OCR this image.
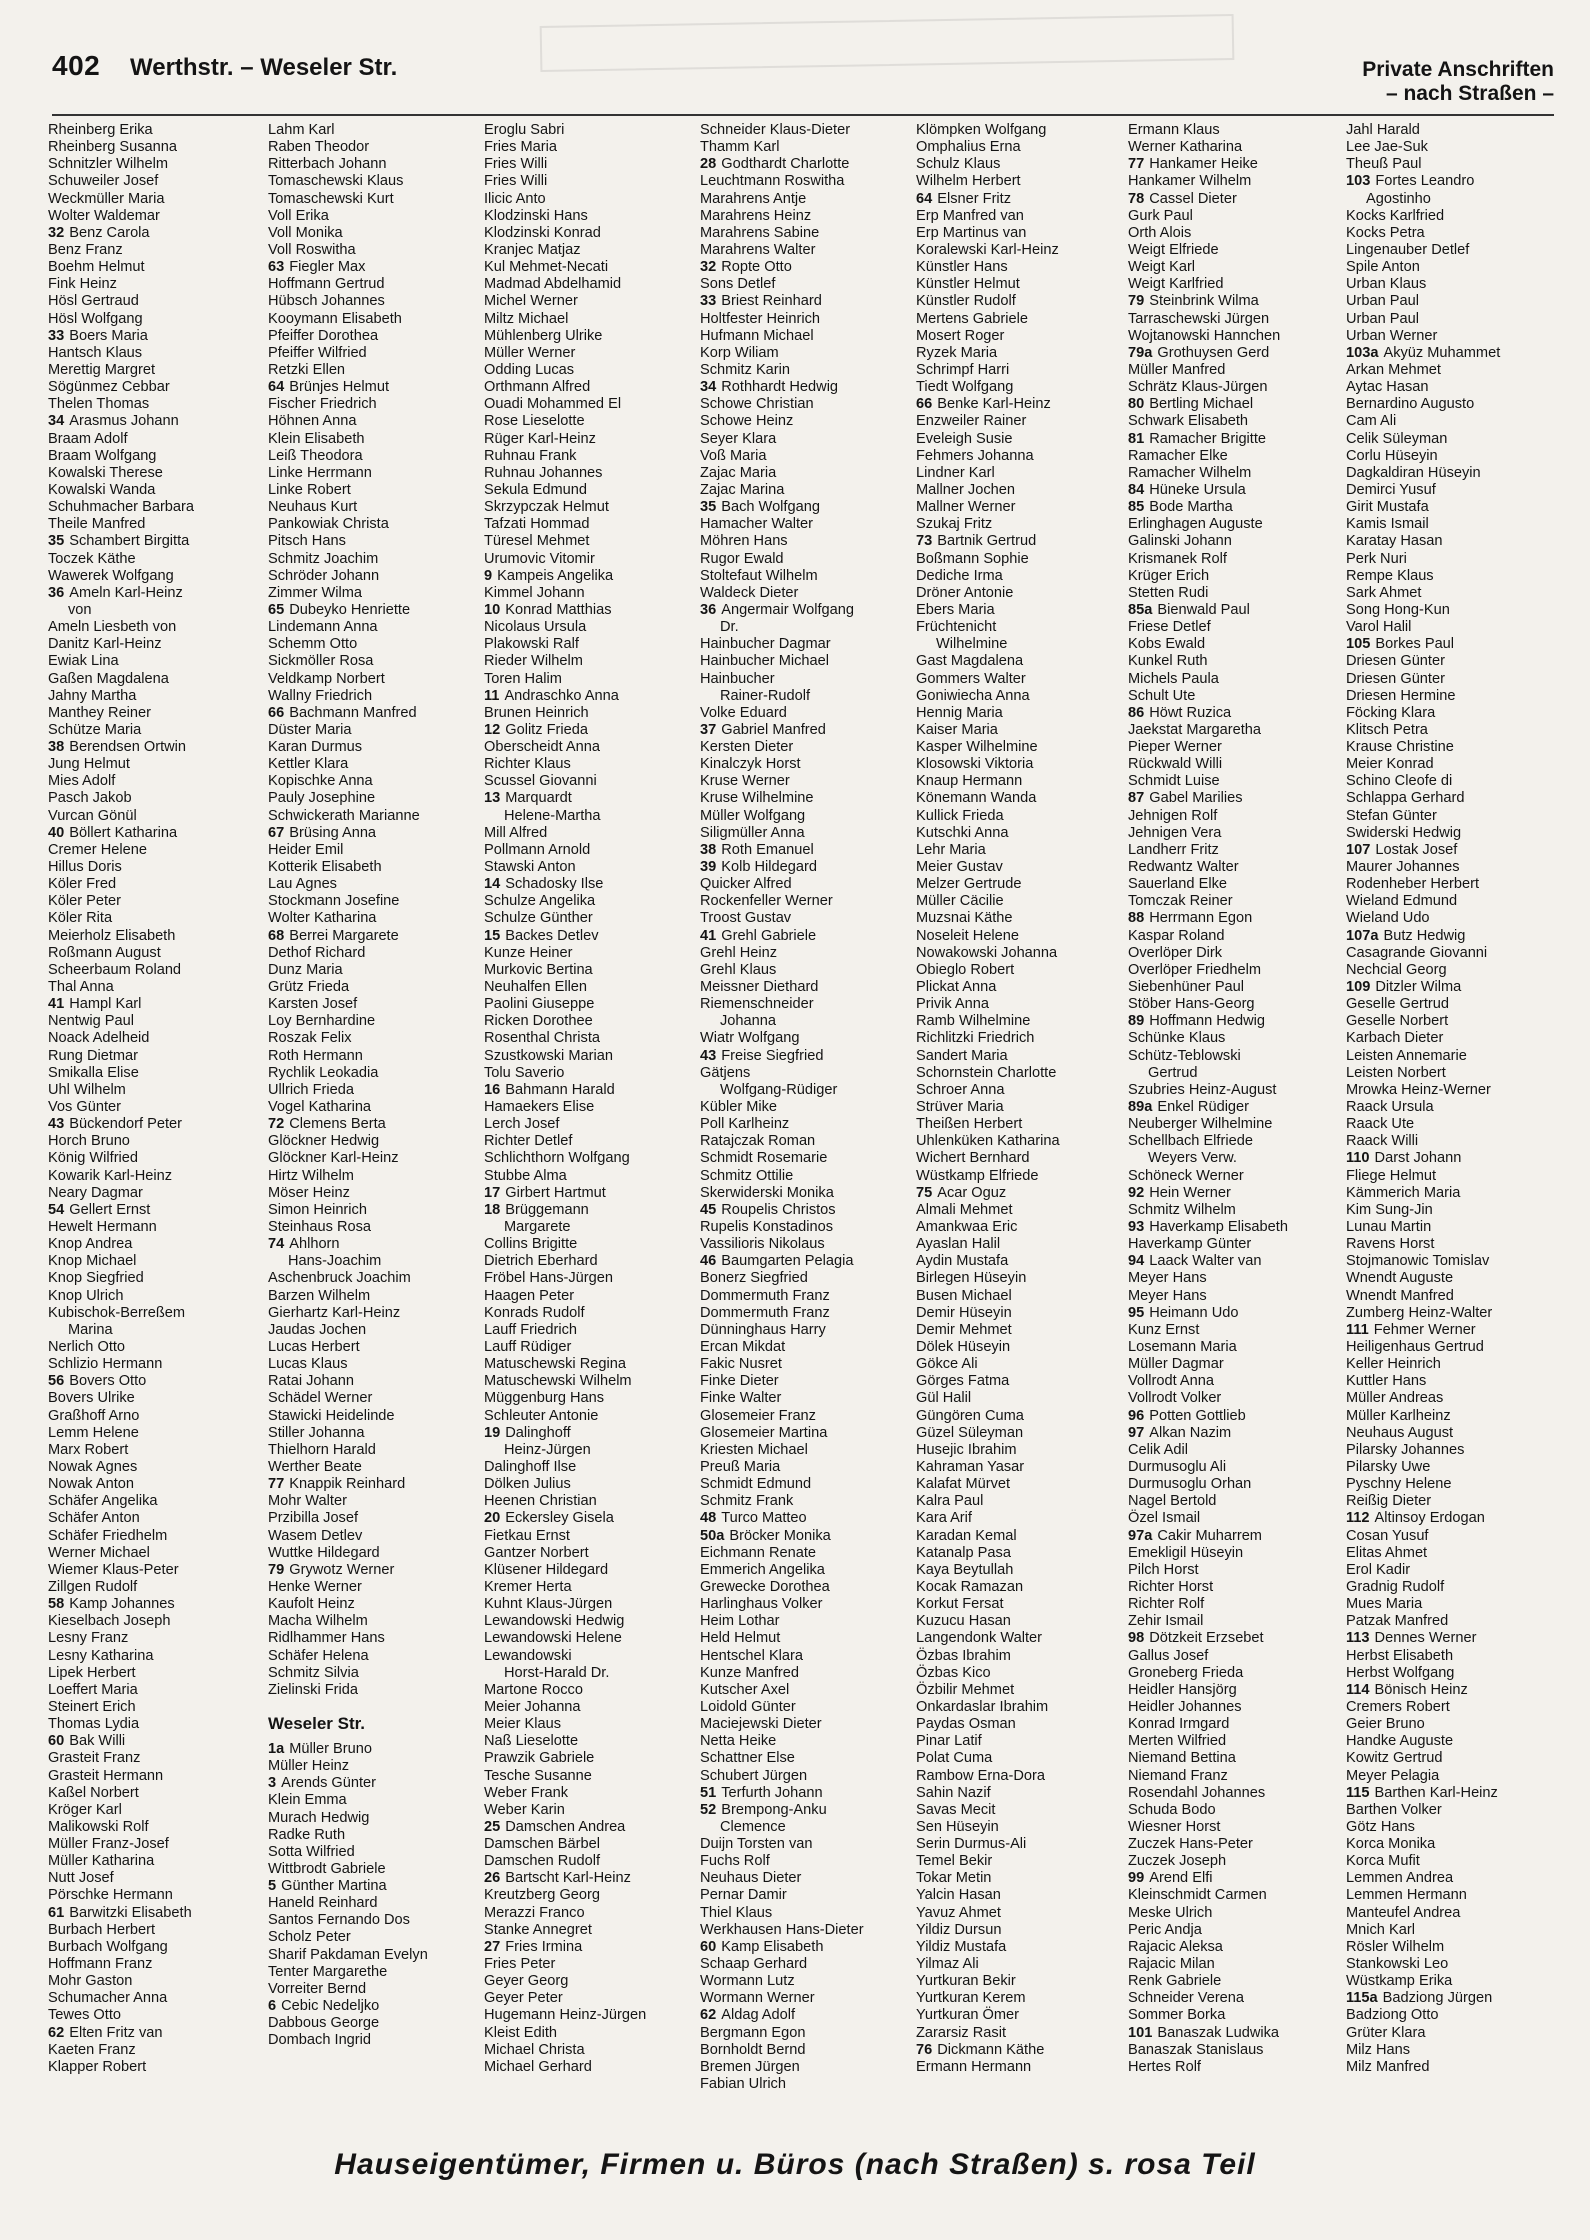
402 Werthstr. – Weseler Str.	Private Anschriften
– nach Straßen –
Rheinberg Erika
Rheinberg Susanna
Schnitzler Wilhelm
Schuweiler Josef
Weckmüller Maria
Wolter Waldemar
32 Benz Carola
Benz Franz
Boehm Helmut
Fink Heinz
Hösl Gertraud
Hösl Wolfgang
33 Boers Maria
Hantsch Klaus
Merettig Margret
Sögünmez Cebbar
Thelen Thomas
34 Arasmus Johann
Braam Adolf
Braam Wolfgang
Kowalski Therese
Kowalski Wanda
Schuhmacher Barbara
Theile Manfred
35 Schambert Birgitta
Toczek Käthe
Wawerek Wolfgang
36 Ameln Karl-Heinz
von
Ameln Liesbeth von
Danitz Karl-Heinz
Ewiak Lina
Gaßen Magdalena
Jahny Martha
Manthey Reiner
Schütze Maria
38 Berendsen Ortwin
Jung Helmut
Mies Adolf
Pasch Jakob
Vurcan Gönül
40 Böllert Katharina
Cremer Helene
Hillus Doris
Köler Fred
Köler Peter
Köler Rita
Meierholz Elisabeth
Roßmann August
Scheerbaum Roland
Thal Anna
41 Hampl Karl
Nentwig Paul
Noack Adelheid
Rung Dietmar
Smikalla Elise
Uhl Wilhelm
Vos Günter
43 Bückendorf Peter
Horch Bruno
König Wilfried
Kowarik Karl-Heinz
Neary Dagmar
54 Gellert Ernst
Hewelt Hermann
Knop Andrea
Knop Michael
Knop Siegfried
Knop Ulrich
Kubischok-Berreßem
Marina
Nerlich Otto
Schlizio Hermann
56 Bovers Otto
Bovers Ulrike
Graßhoff Arno
Lemm Helene
Marx Robert
Nowak Agnes
Nowak Anton
Schäfer Angelika
Schäfer Anton
Schäfer Friedhelm
Werner Michael
Wiemer Klaus-Peter
Zillgen Rudolf
58 Kamp Johannes
Kieselbach Joseph
Lesny Franz
Lesny Katharina
Lipek Herbert
Loeffert Maria
Steinert Erich
Thomas Lydia
60 Bak Willi
Grasteit Franz
Grasteit Hermann
Kaßel Norbert
Kröger Karl
Malikowski Rolf
Müller Franz-Josef
Müller Katharina
Nutt Josef
Pörschke Hermann
61 Barwitzki Elisabeth
Burbach Herbert
Burbach Wolfgang
Hoffmann Franz
Mohr Gaston
Schumacher Anna
Tewes Otto
62 Elten Fritz van
Kaeten Franz
Klapper Robert
Lahm Karl
Raben Theodor
Ritterbach Johann
Tomaschewski Klaus
Tomaschewski Kurt
Voll Erika
Voll Monika
Voll Roswitha
63 Fiegler Max
Hoffmann Gertrud
Hübsch Johannes
Kooymann Elisabeth
Pfeiffer Dorothea
Pfeiffer Wilfried
Retzki Ellen
64 Brünjes Helmut
Fischer Friedrich
Höhnen Anna
Klein Elisabeth
Leiß Theodora
Linke Herrmann
Linke Robert
Neuhaus Kurt
Pankowiak Christa
Pitsch Hans
Schmitz Joachim
Schröder Johann
Zimmer Wilma
65 Dubeyko Henriette
Lindemann Anna
Schemm Otto
Sickmöller Rosa
Veldkamp Norbert
Wallny Friedrich
66 Bachmann Manfred
Düster Maria
Karan Durmus
Kettler Klara
Kopischke Anna
Pauly Josephine
Schwickerath Marianne
67 Brüsing Anna
Heider Emil
Kotterik Elisabeth
Lau Agnes
Stockmann Josefine
Wolter Katharina
68 Berrei Margarete
Dethof Richard
Dunz Maria
Grütz Frieda
Karsten Josef
Loy Bernhardine
Roszak Felix
Roth Hermann
Rychlik Leokadia
Ullrich Frieda
Vogel Katharina
72 Clemens Berta
Glöckner Hedwig
Glöckner Karl-Heinz
Hirtz Wilhelm
Möser Heinz
Simon Heinrich
Steinhaus Rosa
74 Ahlhorn
Hans-Joachim
Aschenbruck Joachim
Barzen Wilhelm
Gierhartz Karl-Heinz
Jaudas Jochen
Lucas Herbert
Lucas Klaus
Ratai Johann
Schädel Werner
Stawicki Heidelinde
Stiller Johanna
Thielhorn Harald
Werther Beate
77 Knappik Reinhard
Mohr Walter
Przibilla Josef
Wasem Detlev
Wuttke Hildegard
79 Grywotz Werner
Henke Werner
Kaufolt Heinz
Macha Wilhelm
Ridlhammer Hans
Schäfer Helena
Schmitz Silvia
Zielinski Frida
Weseler Str.
1a Müller Bruno
Müller Heinz
3 Arends Günter
Klein Emma
Murach Hedwig
Radke Ruth
Sotta Wilfried
Wittbrodt Gabriele
5 Günther Martina
Haneld Reinhard
Santos Fernando Dos
Scholz Peter
Sharif Pakdaman Evelyn
Tenter Margarethe
Vorreiter Bernd
6 Cebic Nedeljko
Dabbous George
Dombach Ingrid
Eroglu Sabri
Fries Maria
Fries Willi
Fries Willi
Ilicic Anto
Klodzinski Hans
Klodzinski Konrad
Kranjec Matjaz
Kul Mehmet-Necati
Madmad Abdelhamid
Michel Werner
Miltz Michael
Mühlenberg Ulrike
Müller Werner
Odding Lucas
Orthmann Alfred
Ouadi Mohammed El
Rose Lieselotte
Rüger Karl-Heinz
Ruhnau Frank
Ruhnau Johannes
Sekula Edmund
Skrzypczak Helmut
Tafzati Hommad
Türesel Mehmet
Urumovic Vitomir
9 Kampeis Angelika
Kimmel Johann
10 Konrad Matthias
Nicolaus Ursula
Plakowski Ralf
Rieder Wilhelm
Toren Halim
11 Andraschko Anna
Brunen Heinrich
12 Golitz Frieda
Oberscheidt Anna
Richter Klaus
Scussel Giovanni
13 Marquardt
Helene-Martha
Mill Alfred
Pollmann Arnold
Stawski Anton
14 Schadosky Ilse
Schulze Angelika
Schulze Günther
15 Backes Detlev
Kunze Heiner
Murkovic Bertina
Neuhalfen Ellen
Paolini Giuseppe
Ricken Dorothee
Rosenthal Christa
Szustkowski Marian
Tolu Saverio
16 Bahmann Harald
Hamaekers Elise
Lerch Josef
Richter Detlef
Schlichthorn Wolfgang
Stubbe Alma
17 Girbert Hartmut
18 Brüggemann
Margarete
Collins Brigitte
Dietrich Eberhard
Fröbel Hans-Jürgen
Haagen Peter
Konrads Rudolf
Lauff Friedrich
Lauff Rüdiger
Matuschewski Regina
Matuschewski Wilhelm
Müggenburg Hans
Schleuter Antonie
19 Dalinghoff
Heinz-Jürgen
Dalinghoff Ilse
Dölken Julius
Heenen Christian
20 Eckersley Gisela
Fietkau Ernst
Gantzer Norbert
Klüsener Hildegard
Kremer Herta
Kuhnt Klaus-Jürgen
Lewandowski Hedwig
Lewandowski Helene
Lewandowski
Horst-Harald Dr.
Martone Rocco
Meier Johanna
Meier Klaus
Naß Lieselotte
Prawzik Gabriele
Tesche Susanne
Weber Frank
Weber Karin
25 Damschen Andrea
Damschen Bärbel
Damschen Rudolf
26 Bartscht Karl-Heinz
Kreutzberg Georg
Merazzi Franco
Stanke Annegret
27 Fries Irmina
Fries Peter
Geyer Georg
Geyer Peter
Hugemann Heinz-Jürgen
Kleist Edith
Michael Christa
Michael Gerhard
Schneider Klaus-Dieter
Thamm Karl
28 Godthardt Charlotte
Leuchtmann Roswitha
Marahrens Antje
Marahrens Heinz
Marahrens Sabine
Marahrens Walter
32 Ropte Otto
Sons Detlef
33 Briest Reinhard
Holtfester Heinrich
Hufmann Michael
Korp Wiliam
Schmitz Karin
34 Rothhardt Hedwig
Schowe Christian
Schowe Heinz
Seyer Klara
Voß Maria
Zajac Maria
Zajac Marina
35 Bach Wolfgang
Hamacher Walter
Möhren Hans
Rugor Ewald
Stoltefaut Wilhelm
Waldeck Dieter
36 Angermair Wolfgang
Dr.
Hainbucher Dagmar
Hainbucher Michael
Hainbucher
Rainer-Rudolf
Volke Eduard
37 Gabriel Manfred
Kersten Dieter
Kinalczyk Horst
Kruse Werner
Kruse Wilhelmine
Müller Wolfgang
Siligmüller Anna
38 Roth Emanuel
39 Kolb Hildegard
Quicker Alfred
Rockenfeller Werner
Troost Gustav
41 Grehl Gabriele
Grehl Heinz
Grehl Klaus
Meissner Diethard
Riemenschneider
Johanna
Wiatr Wolfgang
43 Freise Siegfried
Gätjens
Wolfgang-Rüdiger
Kübler Mike
Poll Karlheinz
Ratajczak Roman
Schmidt Rosemarie
Schmitz Ottilie
Skerwiderski Monika
45 Roupelis Christos
Rupelis Konstadinos
Vassilioris Nikolaus
46 Baumgarten Pelagia
Bonerz Siegfried
Dommermuth Franz
Dommermuth Franz
Dünninghaus Harry
Ercan Mikdat
Fakic Nusret
Finke Dieter
Finke Walter
Glosemeier Franz
Glosemeier Martina
Kriesten Michael
Preuß Maria
Schmidt Edmund
Schmitz Frank
48 Turco Matteo
50a Bröcker Monika
Eichmann Renate
Emmerich Angelika
Grewecke Dorothea
Harlinghaus Volker
Heim Lothar
Held Helmut
Hentschel Klara
Kunze Manfred
Kutscher Axel
Loidold Günter
Maciejewski Dieter
Netta Heike
Schattner Else
Schubert Jürgen
51 Terfurth Johann
52 Brempong-Anku
Clemence
Duijn Torsten van
Fuchs Rolf
Neuhaus Dieter
Pernar Damir
Thiel Klaus
Werkhausen Hans-Dieter
60 Kamp Elisabeth
Schaap Gerhard
Wormann Lutz
Wormann Werner
62 Aldag Adolf
Bergmann Egon
Bornholdt Bernd
Bremen Jürgen
Fabian Ulrich
Klömpken Wolfgang
Omphalius Erna
Schulz Klaus
Wilhelm Herbert
64 Elsner Fritz
Erp Manfred van
Erp Martinus van
Koralewski Karl-Heinz
Künstler Hans
Künstler Helmut
Künstler Rudolf
Mertens Gabriele
Mosert Roger
Ryzek Maria
Schrimpf Harri
Tiedt Wolfgang
66 Benke Karl-Heinz
Enzweiler Rainer
Eveleigh Susie
Fehmers Johanna
Lindner Karl
Mallner Jochen
Mallner Werner
Szukaj Fritz
73 Bartnik Gertrud
Boßmann Sophie
Dediche Irma
Dröner Antonie
Ebers Maria
Früchtenicht
Wilhelmine
Gast Magdalena
Gommers Walter
Goniwiecha Anna
Hennig Maria
Kaiser Maria
Kasper Wilhelmine
Klosowski Viktoria
Knaup Hermann
Könemann Wanda
Kullick Frieda
Kutschki Anna
Lehr Maria
Meier Gustav
Melzer Gertrude
Müller Cäcilie
Muzsnai Käthe
Noseleit Helene
Nowakowski Johanna
Obieglo Robert
Plickat Anna
Privik Anna
Ramb Wilhelmine
Richlitzki Friedrich
Sandert Maria
Schornstein Charlotte
Schroer Anna
Strüver Maria
Theißen Herbert
Uhlenküken Katharina
Wichert Bernhard
Wüstkamp Elfriede
75 Acar Oguz
Almali Mehmet
Amankwaa Eric
Ayaslan Halil
Aydin Mustafa
Birlegen Hüseyin
Busen Michael
Demir Hüseyin
Demir Mehmet
Dölek Hüseyin
Gökce Ali
Görges Fatma
Gül Halil
Güngören Cuma
Güzel Süleyman
Husejic Ibrahim
Kahraman Yasar
Kalafat Mürvet
Kalra Paul
Kara Arif
Karadan Kemal
Katanalp Pasa
Kaya Beytullah
Kocak Ramazan
Korkut Fersat
Kuzucu Hasan
Langendonk Walter
Özbas Ibrahim
Özbas Kico
Özbilir Mehmet
Onkardaslar Ibrahim
Paydas Osman
Pinar Latif
Polat Cuma
Rambow Erna-Dora
Sahin Nazif
Savas Mecit
Sen Hüseyin
Serin Durmus-Ali
Temel Bekir
Tokar Metin
Yalcin Hasan
Yavuz Ahmet
Yildiz Dursun
Yildiz Mustafa
Yilmaz Ali
Yurtkuran Bekir
Yurtkuran Kerem
Yurtkuran Ömer
Zararsiz Rasit
76 Dickmann Käthe
Ermann Hermann
Ermann Klaus
Werner Katharina
77 Hankamer Heike
Hankamer Wilhelm
78 Cassel Dieter
Gurk Paul
Orth Alois
Weigt Elfriede
Weigt Karl
Weigt Karlfried
79 Steinbrink Wilma
Tarraschewski Jürgen
Wojtanowski Hannchen
79a Grothuysen Gerd
Müller Manfred
Schrätz Klaus-Jürgen
80 Bertling Michael
Schwark Elisabeth
81 Ramacher Brigitte
Ramacher Elke
Ramacher Wilhelm
84 Hüneke Ursula
85 Bode Martha
Erlinghagen Auguste
Galinski Johann
Krismanek Rolf
Krüger Erich
Stetten Rudi
85a Bienwald Paul
Friese Detlef
Kobs Ewald
Kunkel Ruth
Michels Paula
Schult Ute
86 Höwt Ruzica
Jaekstat Margaretha
Pieper Werner
Rückwald Willi
Schmidt Luise
87 Gabel Marilies
Jehnigen Rolf
Jehnigen Vera
Landherr Fritz
Redwantz Walter
Sauerland Elke
Tomczak Reiner
88 Herrmann Egon
Kaspar Roland
Overlöper Dirk
Overlöper Friedhelm
Siebenhüner Paul
Stöber Hans-Georg
89 Hoffmann Hedwig
Schünke Klaus
Schütz-Teblowski
Gertrud
Szubries Heinz-August
89a Enkel Rüdiger
Neuberger Wilhelmine
Schellbach Elfriede
Weyers Verw.
Schöneck Werner
92 Hein Werner
Schmitz Wilhelm
93 Haverkamp Elisabeth
Haverkamp Günter
94 Laack Walter van
Meyer Hans
Meyer Hans
95 Heimann Udo
Kunz Ernst
Losemann Maria
Müller Dagmar
Vollrodt Anna
Vollrodt Volker
96 Potten Gottlieb
97 Alkan Nazim
Celik Adil
Durmusoglu Ali
Durmusoglu Orhan
Nagel Bertold
Özel Ismail
97a Cakir Muharrem
Emekligil Hüseyin
Pilch Horst
Richter Horst
Richter Rolf
Zehir Ismail
98 Dötzkeit Erzsebet
Gallus Josef
Groneberg Frieda
Heidler Hansjörg
Heidler Johannes
Konrad Irmgard
Merten Wilfried
Niemand Bettina
Niemand Franz
Rosendahl Johannes
Schuda Bodo
Wiesner Horst
Zuczek Hans-Peter
Zuczek Joseph
99 Arend Elfi
Kleinschmidt Carmen
Meske Ulrich
Peric Andja
Rajacic Aleksa
Rajacic Milan
Renk Gabriele
Schneider Verena
Sommer Borka
101 Banaszak Ludwika
Banaszak Stanislaus
Hertes Rolf
Jahl Harald
Lee Jae-Suk
Theuß Paul
103 Fortes Leandro
Agostinho
Kocks Karlfried
Kocks Petra
Lingenauber Detlef
Spile Anton
Urban Klaus
Urban Paul
Urban Paul
Urban Werner
103a Akyüz Muhammet
Arkan Mehmet
Aytac Hasan
Bernardino Augusto
Cam Ali
Celik Süleyman
Corlu Hüseyin
Dagkaldiran Hüseyin
Demirci Yusuf
Girit Mustafa
Kamis Ismail
Karatay Hasan
Perk Nuri
Rempe Klaus
Sark Ahmet
Song Hong-Kun
Varol Halil
105 Borkes Paul
Driesen Günter
Driesen Günter
Driesen Hermine
Föcking Klara
Klitsch Petra
Krause Christine
Meier Konrad
Schino Cleofe di
Schlappa Gerhard
Stefan Günter
Swiderski Hedwig
107 Lostak Josef
Maurer Johannes
Rodenheber Herbert
Wieland Edmund
Wieland Udo
107a Butz Hedwig
Casagrande Giovanni
Nechcial Georg
109 Ditzler Wilma
Geselle Gertrud
Geselle Norbert
Karbach Dieter
Leisten Annemarie
Leisten Norbert
Mrowka Heinz-Werner
Raack Ursula
Raack Ute
Raack Willi
110 Darst Johann
Fliege Helmut
Kämmerich Maria
Kim Sung-Jin
Lunau Martin
Ravens Horst
Stojmanowic Tomislav
Wnendt Auguste
Wnendt Manfred
Zumberg Heinz-Walter
111 Fehmer Werner
Heiligenhaus Gertrud
Keller Heinrich
Kuttler Hans
Müller Andreas
Müller Karlheinz
Neuhaus August
Pilarsky Johannes
Pilarsky Uwe
Pyschny Helene
Reißig Dieter
112 Altinsoy Erdogan
Cosan Yusuf
Elitas Ahmet
Erol Kadir
Gradnig Rudolf
Mues Maria
Patzak Manfred
113 Dennes Werner
Herbst Elisabeth
Herbst Wolfgang
114 Bönisch Heinz
Cremers Robert
Geier Bruno
Handke Auguste
Kowitz Gertrud
Meyer Pelagia
115 Barthen Karl-Heinz
Barthen Volker
Götz Hans
Korca Monika
Korca Mufit
Lemmen Andrea
Lemmen Hermann
Manteufel Andrea
Mnich Karl
Rösler Wilhelm
Stankowski Leo
Wüstkamp Erika
115a Badziong Jürgen
Badziong Otto
Grüter Klara
Milz Hans
Milz Manfred
Hauseigentümer, Firmen u. Büros (nach Straßen) s. rosa Teil
